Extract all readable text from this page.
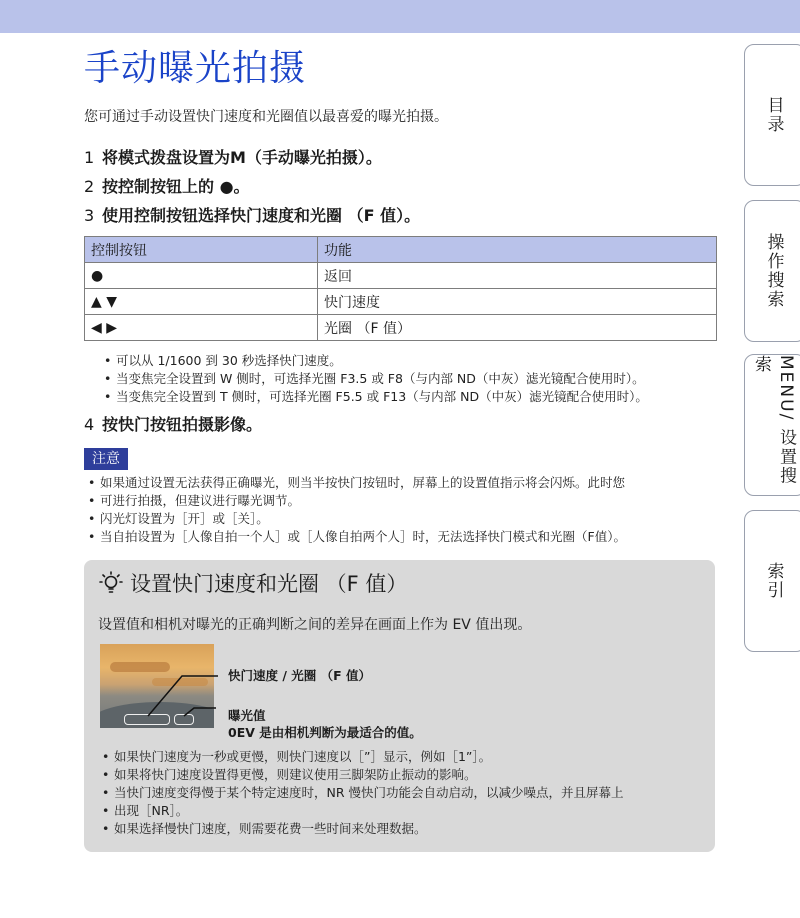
手动曝光拍摄
您可通过手动设置快门速度和光圈值以最喜爱的曝光拍摄。
1 将模式拨盘设置为M（手动曝光拍摄）。
2 按控制按钮上的 ●。
3 使用控制按钮选择快门速度和光圈 （F 值）。
控制按钮	功能
●	返回
▲ ▼	快门速度
◀ ▶	光圈 （F 值）
• 可以从 1/1600 到 30 秒选择快门速度。
• 当变焦完全设置到 W 侧时，可选择光圈 F3.5 或 F8（与内部 ND（中灰）滤光镜配合使用时）。
• 当变焦完全设置到 T 侧时，可选择光圈 F5.5 或 F13（与内部 ND（中灰）滤光镜配合使用时）。
4 按快门按钮拍摄影像。
注意
• 如果通过设置无法获得正确曝光，则当半按快门按钮时，屏幕上的设置值指示将会闪烁。此时您
• 可进行拍摄，但建议进行曝光调节。
• 闪光灯设置为［开］或［关］。
• 当自拍设置为［人像自拍一个人］或［人像自拍两个人］时，无法选择快门模式和光圈（F值）。
设置快门速度和光圈 （F 值）
设置值和相机对曝光的正确判断之间的差异在画面上作为 EV 值出现。
快门速度 / 光圈 （F 值）
曝光值
0EV 是由相机判断为最适合的值。
• 如果快门速度为一秒或更慢，则快门速度以［”］显示，例如［1”］。
• 如果将快门速度设置得更慢，则建议使用三脚架防止振动的影响。
• 当快门速度变得慢于某个特定速度时，NR 慢快门功能会自动启动，以减少噪点，并且屏幕上
• 出现［NR］。
• 如果选择慢快门速度，则需要花费一些时间来处理数据。
目录
操作搜索
MENU/ 设置搜索
索引
